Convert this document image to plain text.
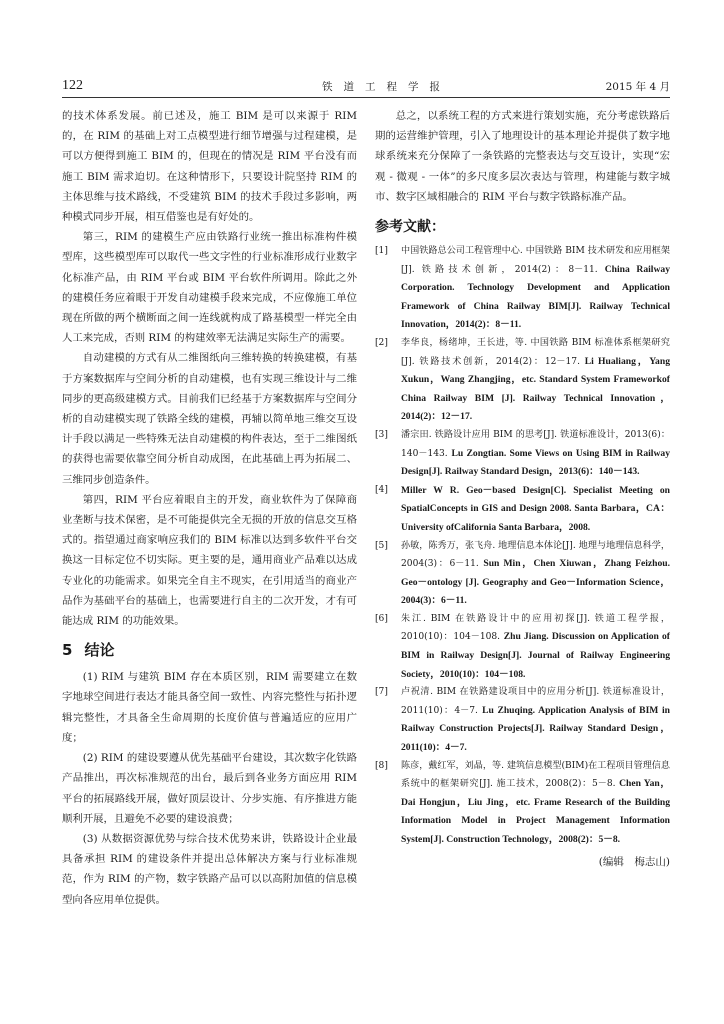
122	铁道工程学报	2015 年 4 月

的技术体系发展。前已述及，施工 BIM 是可以来源于 RIM 的，在 RIM 的基础上对工点模型进行细节增强与过程建模，是可以方便得到施工 BIM 的，但现在的情况是 RIM 平台没有而施工 BIM 需求迫切。在这种情形下，只要设计院坚持 RIM 的主体思维与技术路线，不受建筑 BIM 的技术手段过多影响，两种模式同步开展，相互借鉴也是有好处的。

第三，RIM 的建模生产应由铁路行业统一推出标准构件模型库，这些模型库可以取代一些文字性的行业标准形成行业数字化标准产品，由 RIM 平台或 BIM 平台软件所调用。除此之外的建模任务应着眼于开发自动建模手段来完成，不应像施工单位现在所做的两个横断面之间一连线就构成了路基模型一样完全由人工来完成，否则 RIM 的构建效率无法满足实际生产的需要。

自动建模的方式有从二维图纸向三维转换的转换建模，有基于方案数据库与空间分析的自动建模，也有实现三维设计与二维同步的更高级建模方式。目前我们已经基于方案数据库与空间分析的自动建模实现了铁路全线的建模，再辅以简单地三维交互设计手段以满足一些特殊无法自动建模的构件表达，至于二维图纸的获得也需要依靠空间分析自动成图，在此基础上再为拓展二、三维同步创造条件。

第四，RIM 平台应着眼自主的开发，商业软件为了保障商业垄断与技术保密，是不可能提供完全无损的开放的信息交互格式的。指望通过商家响应我们的 BIM 标准以达到多软件平台交换这一目标定位不切实际。更主要的是，通用商业产品难以达成专业化的功能需求。如果完全自主不现实，在引用适当的商业产品作为基础平台的基础上，也需要进行自主的二次开发，才有可能达成 RIM 的功能效果。

5 结论

(1) RIM 与建筑 BIM 存在本质区别，RIM 需要建立在数字地球空间进行表达才能具备空间一致性、内容完整性与拓扑逻辑完整性，才具备全生命周期的长度价值与普遍适应的应用广度；

(2) RIM 的建设要遵从优先基础平台建设，其次数字化铁路产品推出，再次标准规范的出台，最后到各业务方面应用 RIM 平台的拓展路线开展，做好顶层设计、分步实施、有序推进方能顺利开展，且避免不必要的建设浪费；

(3) 从数据资源优势与综合技术优势来讲，铁路设计企业最具备承担 RIM 的建设条件并提出总体解决方案与行业标准规范，作为 RIM 的产物，数字铁路产品可以以高附加值的信息模型向各应用单位提供。

总之，以系统工程的方式来进行策划实施，充分考虑铁路后期的运营维护管理，引入了地理设计的基本理论并提供了数字地球系统来充分保障了一条铁路的完整表达与交互设计，实现“宏观 - 微观 - 一体”的多尺度多层次表达与管理，构建能与数字城市、数字区域相融合的 RIM 平台与数字铁路标准产品。

参考文献：
[1]	中国铁路总公司工程管理中心. 中国铁路 BIM 技术研发和应用框架[J]. 铁路技术创新，2014(2)：8－11. China Railway Corporation. Technology Development and Application Framework of China Railway BIM[J]. Railway Technical Innovation，2014(2)：8－11.
[2]	李华良，杨绪坤，王长进，等. 中国铁路 BIM 标准体系框架研究[J]. 铁路技术创新，2014(2)：12－17. Li Hualiang，Yang Xukun，Wang Zhangjing，etc. Standard System Frameworkof China Railway BIM [J]. Railway Technical Innovation，2014(2)：12－17.
[3]	潘宗田. 铁路设计应用 BIM 的思考[J]. 铁道标准设计，2013(6)：140－143. Lu Zongtian. Some Views on Using BIM in Railway Design[J]. Railway Standard Design，2013(6)：140－143.
[4]	Miller W R. Geo－based Design[C]. Specialist Meeting on SpatialConcepts in GIS and Design 2008. Santa Barbara，CA：University ofCalifornia Santa Barbara，2008.
[5]	孙敏，陈秀万，张飞舟. 地理信息本体论[J]. 地理与地理信息科学，2004(3)：6－11. Sun Min，Chen Xiuwan，Zhang Feizhou. Geo－ontology [J]. Geography and Geo－Information Science，2004(3)：6－11.
[6]	朱江. BIM 在铁路设计中的应用初探[J]. 铁道工程学报，2010(10)：104－108. Zhu Jiang. Discussion on Application of BIM in Railway Design[J]. Journal of Railway Engineering Society，2010(10)：104－108.
[7]	卢祝清. BIM 在铁路建设项目中的应用分析[J]. 铁道标准设计，2011(10)：4－7. Lu Zhuqing. Application Analysis of BIM in Railway Construction Projects[J]. Railway Standard Design，2011(10)：4－7.
[8]	陈彦，戴红军，刘晶，等. 建筑信息模型(BIM)在工程项目管理信息系统中的框架研究[J]. 施工技术，2008(2)：5－8. Chen Yan，Dai Hongjun，Liu Jing，etc. Frame Research of the Building Information Model in Project Management Information System[J]. Construction Technology，2008(2)：5－8.
(编辑　梅志山)
